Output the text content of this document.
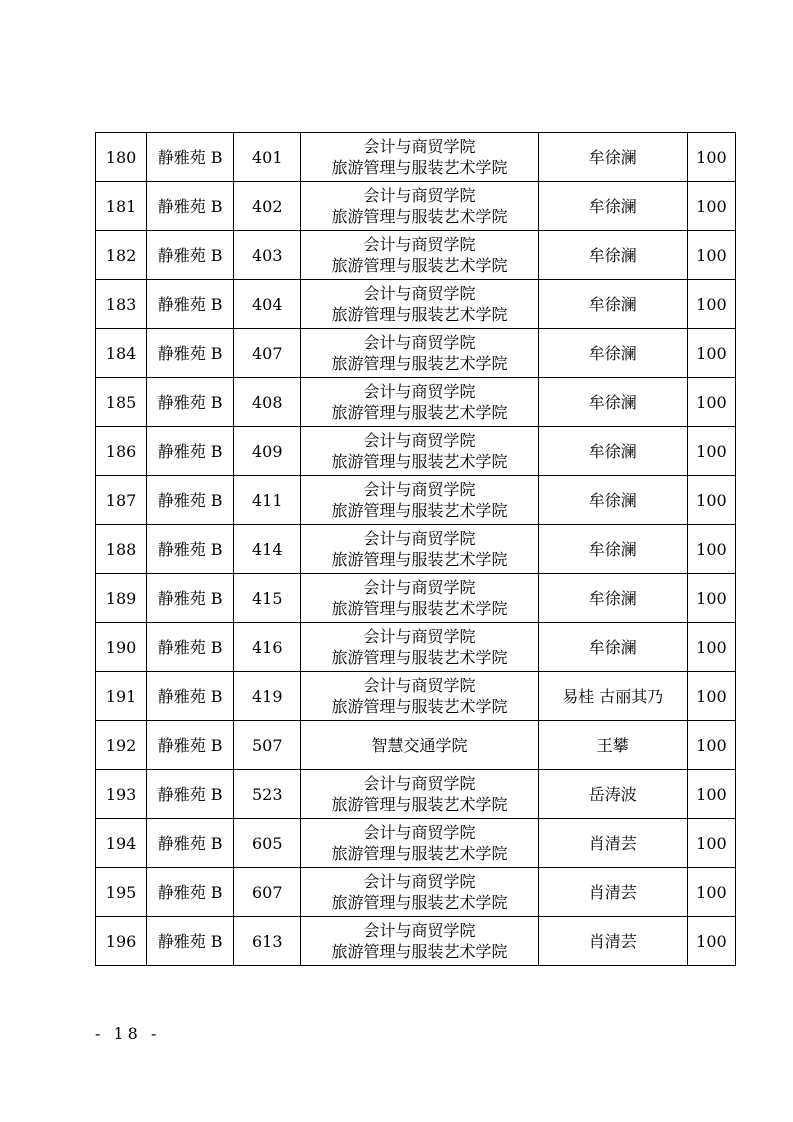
180	静雅苑 B	401	会计与商贸学院
旅游管理与服装艺术学院	牟徐澜	100
181	静雅苑 B	402	会计与商贸学院
旅游管理与服装艺术学院	牟徐澜	100
182	静雅苑 B	403	会计与商贸学院
旅游管理与服装艺术学院	牟徐澜	100
183	静雅苑 B	404	会计与商贸学院
旅游管理与服装艺术学院	牟徐澜	100
184	静雅苑 B	407	会计与商贸学院
旅游管理与服装艺术学院	牟徐澜	100
185	静雅苑 B	408	会计与商贸学院
旅游管理与服装艺术学院	牟徐澜	100
186	静雅苑 B	409	会计与商贸学院
旅游管理与服装艺术学院	牟徐澜	100
187	静雅苑 B	411	会计与商贸学院
旅游管理与服装艺术学院	牟徐澜	100
188	静雅苑 B	414	会计与商贸学院
旅游管理与服装艺术学院	牟徐澜	100
189	静雅苑 B	415	会计与商贸学院
旅游管理与服装艺术学院	牟徐澜	100
190	静雅苑 B	416	会计与商贸学院
旅游管理与服装艺术学院	牟徐澜	100
191	静雅苑 B	419	会计与商贸学院
旅游管理与服装艺术学院	易桂 古丽其乃	100
192	静雅苑 B	507	智慧交通学院	王攀	100
193	静雅苑 B	523	会计与商贸学院
旅游管理与服装艺术学院	岳涛波	100
194	静雅苑 B	605	会计与商贸学院
旅游管理与服装艺术学院	肖清芸	100
195	静雅苑 B	607	会计与商贸学院
旅游管理与服装艺术学院	肖清芸	100
196	静雅苑 B	613	会计与商贸学院
旅游管理与服装艺术学院	肖清芸	100
- 18 -
